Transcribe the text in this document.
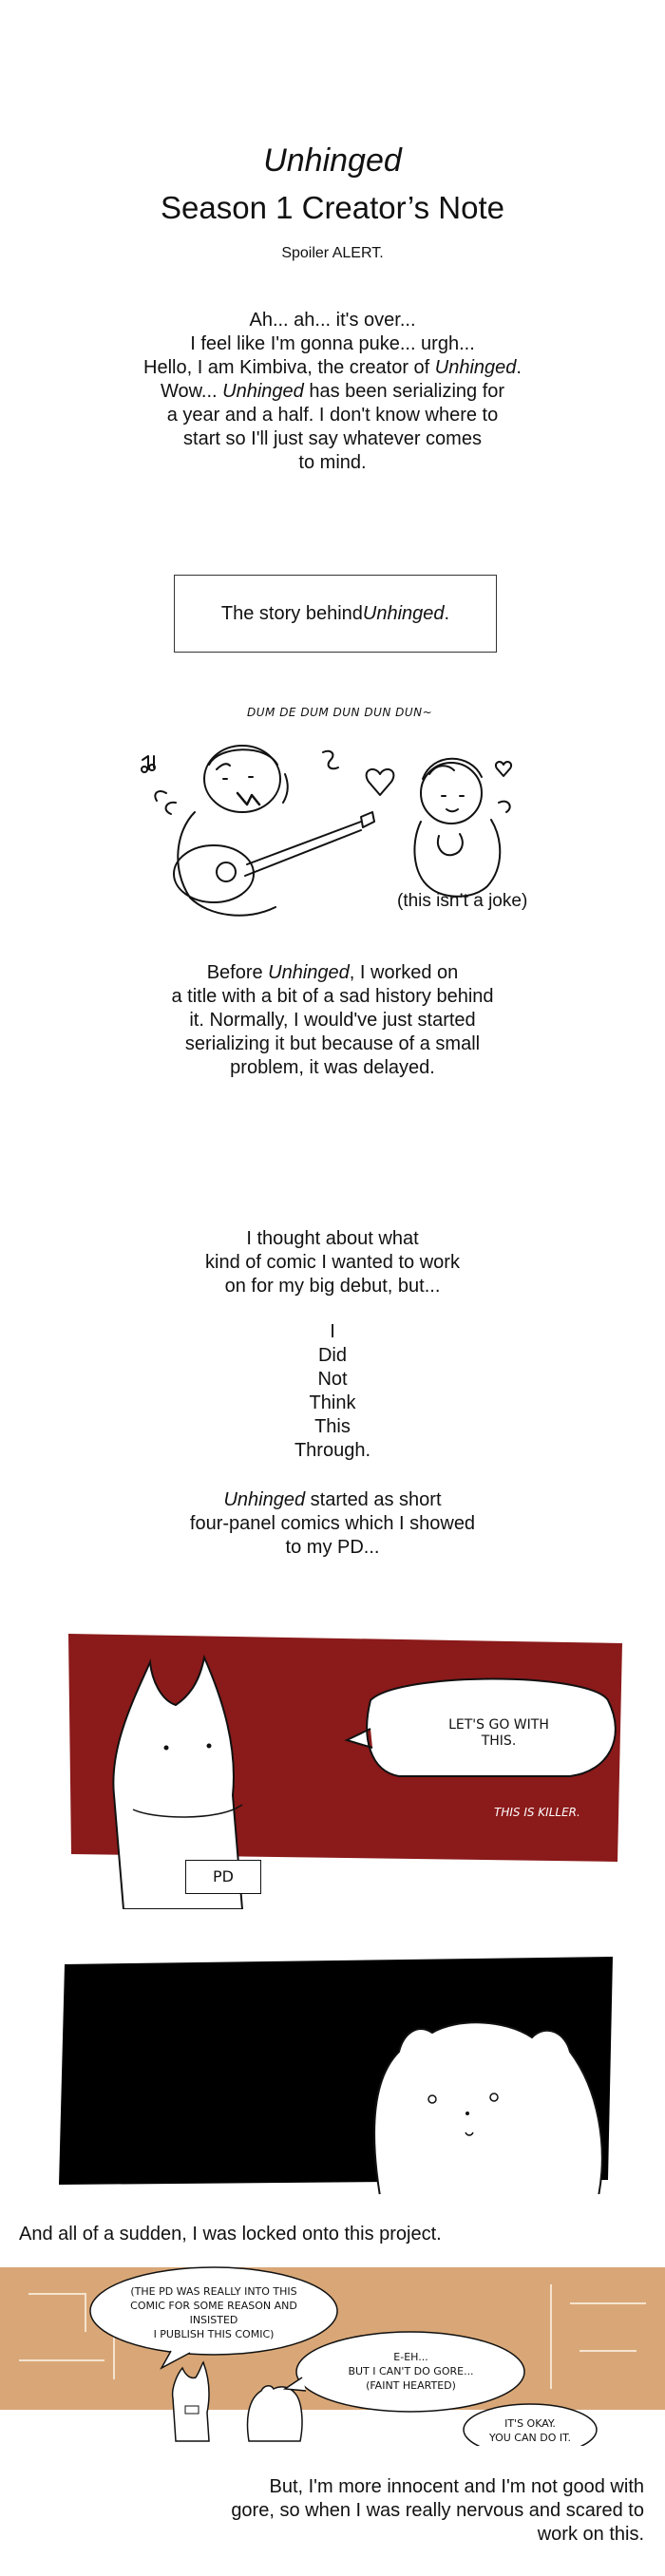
Unhinged
Season 1 Creator’s Note
Spoiler ALERT.
Ah... ah... it's over...
I feel like I'm gonna puke... urgh...
Hello, I am Kimbiva, the creator of Unhinged.
Wow... Unhinged has been serializing for
a year and a half. I don't know where to
start so I'll just say whatever comes
to mind.
The story behind Unhinged .
DUM DE DUM DUN DUN DUN~
(this isn’t a joke)
Before Unhinged, I worked on
a title with a bit of a sad history behind
it. Normally, I would've just started
serializing it but because of a small
problem, it was delayed.
I thought about what
kind of comic I wanted to work
on for my big debut, but...
I
Did
Not
Think
This
Through.
Unhinged started as short
four-panel comics which I showed
to my PD...
LET'S GO WITH
THIS.
THIS IS KILLER.
PD
And all of a sudden, I was locked onto this project.
(THE PD WAS REALLY INTO THIS
COMIC FOR SOME REASON AND INSISTED
I PUBLISH THIS COMIC)
E-EH...
BUT I CAN'T DO GORE...
(FAINT HEARTED)
IT'S OKAY.
YOU CAN DO IT.
But, I'm more innocent and I'm not good with
gore, so when I was really nervous and scared to
work on this.
